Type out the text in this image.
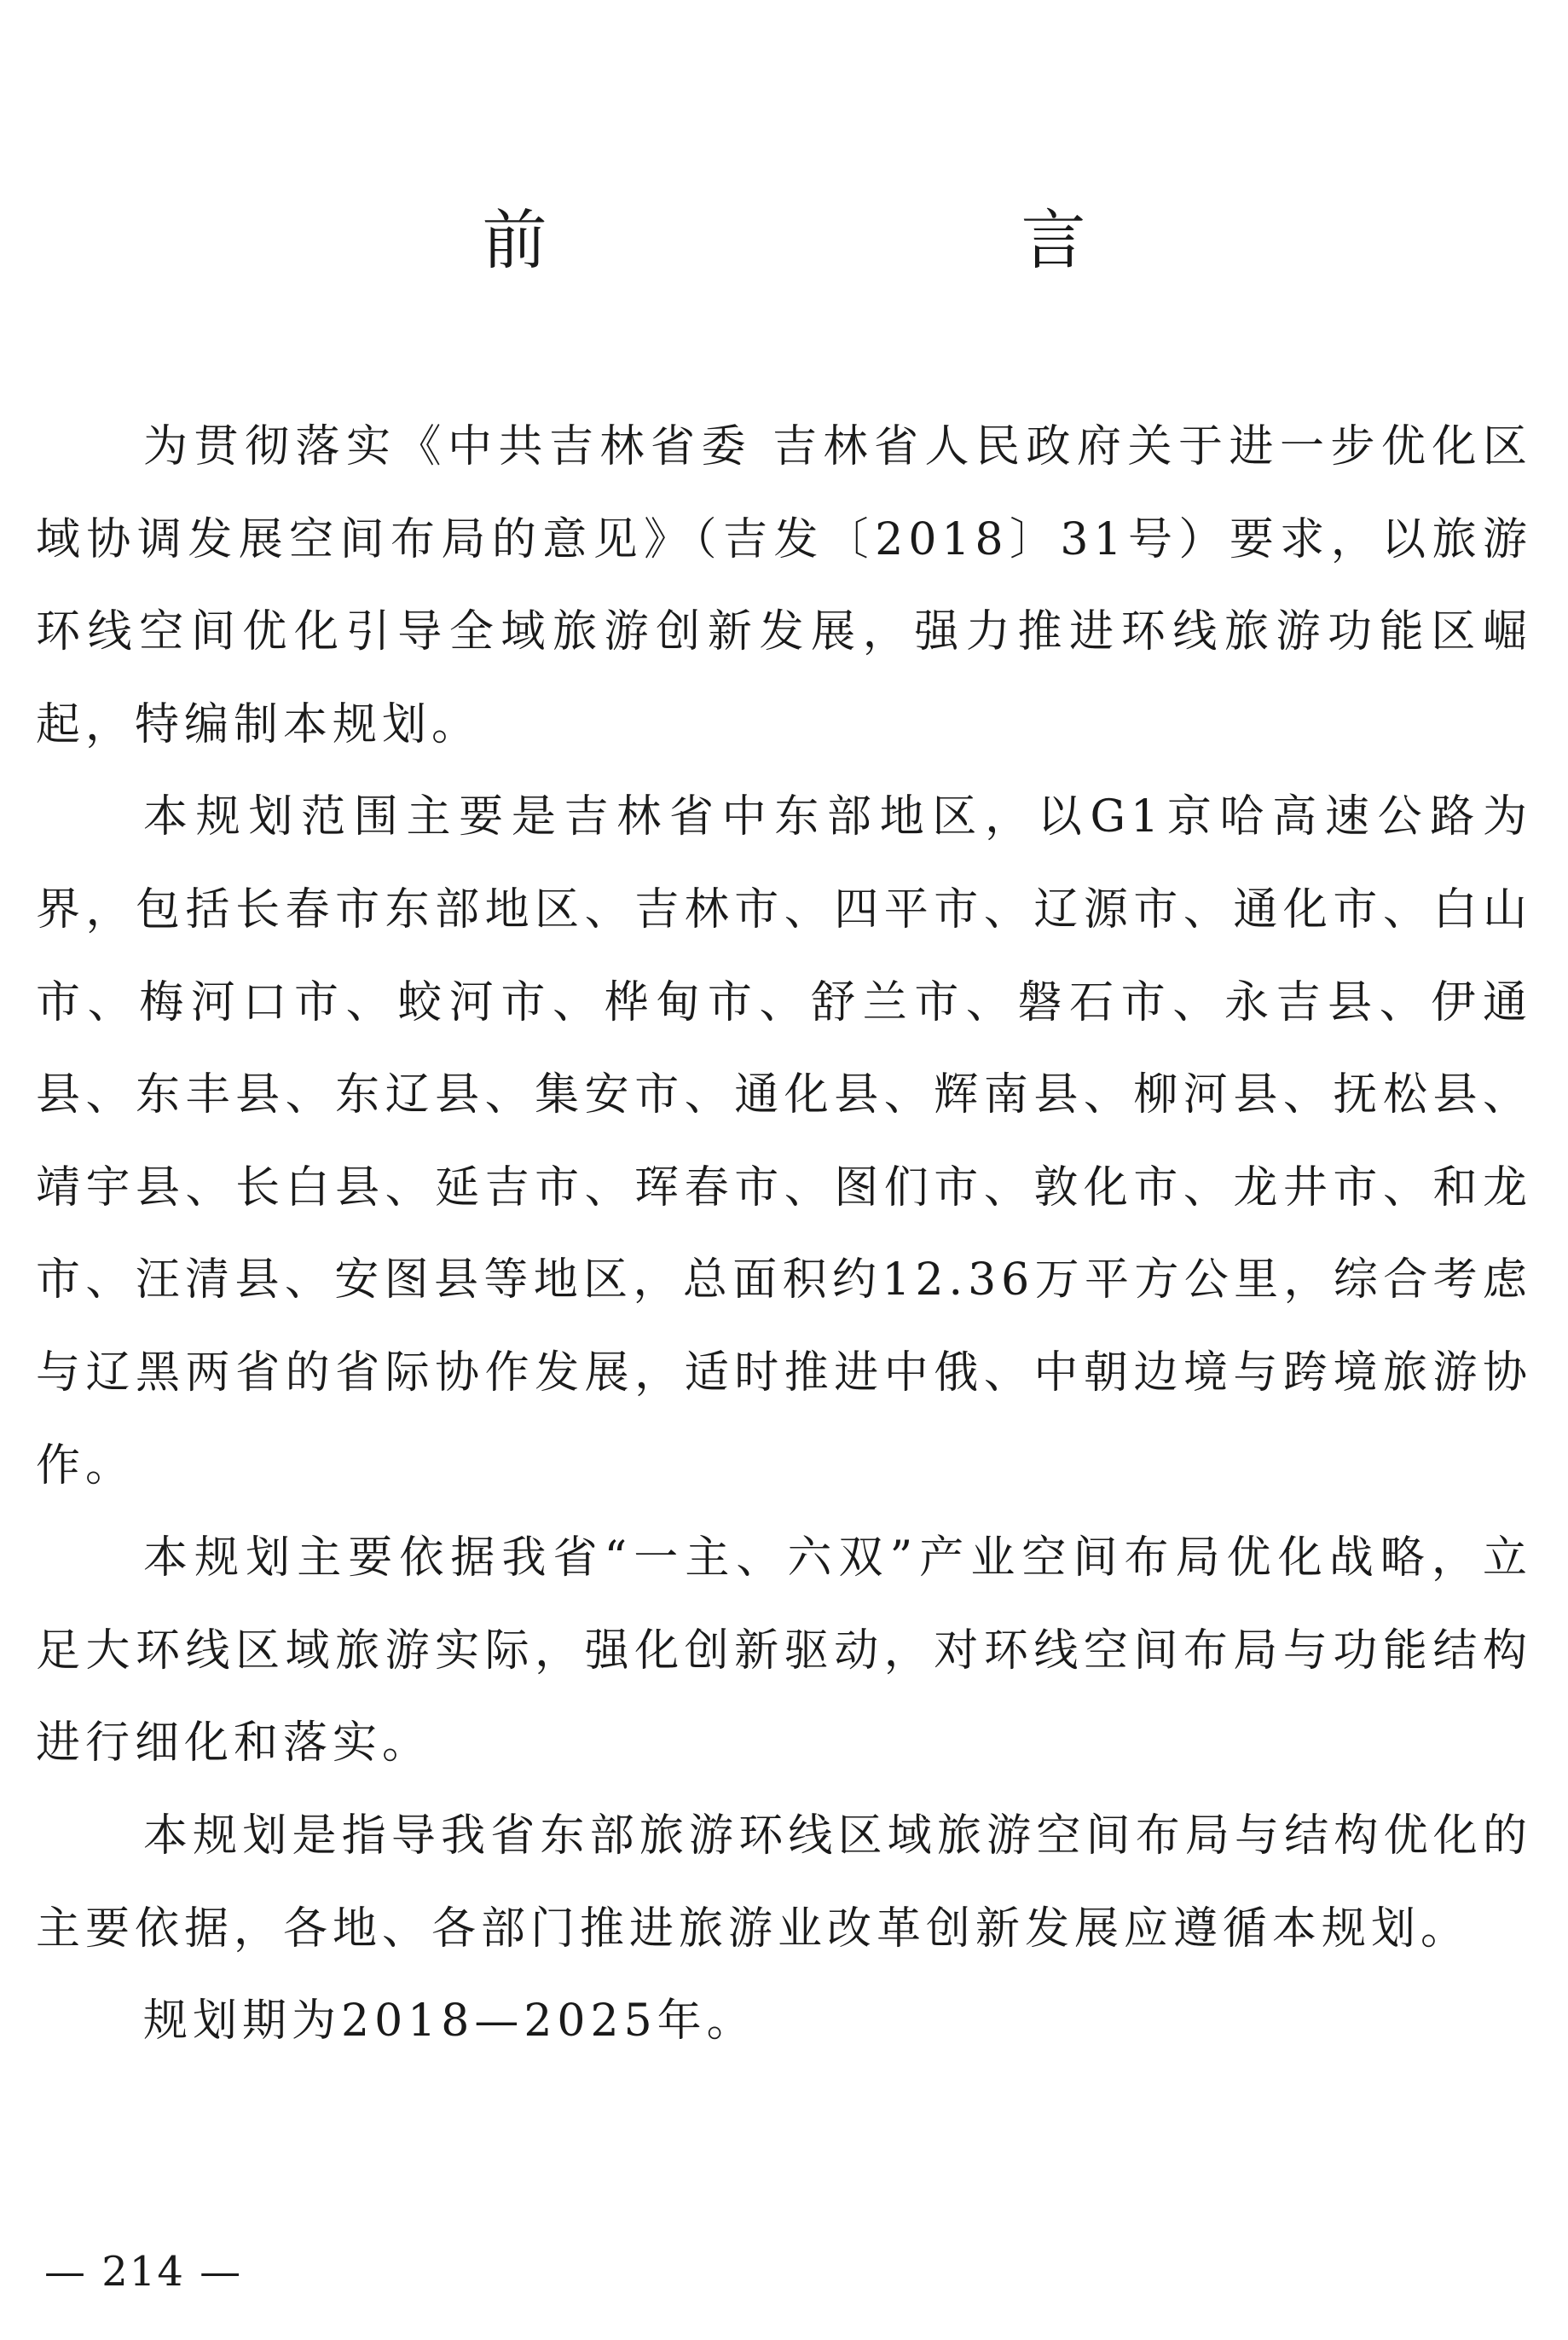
前　言

为贯彻落实《中共吉林省委 吉林省人民政府关于进一步优化区域协调发展空间布局的意见》（吉发〔2018〕31号）要求，以旅游环线空间优化引导全域旅游创新发展，强力推进环线旅游功能区崛起，特编制本规划。

本规划范围主要是吉林省中东部地区，以G1京哈高速公路为界，包括长春市东部地区、吉林市、四平市、辽源市、通化市、白山市、梅河口市、蛟河市、桦甸市、舒兰市、磐石市、永吉县、伊通县、东丰县、东辽县、集安市、通化县、辉南县、柳河县、抚松县、靖宇县、长白县、延吉市、珲春市、图们市、敦化市、龙井市、和龙市、汪清县、安图县等地区，总面积约12.36万平方公里，综合考虑与辽黑两省的省际协作发展，适时推进中俄、中朝边境与跨境旅游协作。

本规划主要依据我省“一主、六双”产业空间布局优化战略，立足大环线区域旅游实际，强化创新驱动，对环线空间布局与功能结构进行细化和落实。

本规划是指导我省东部旅游环线区域旅游空间布局与结构优化的主要依据，各地、各部门推进旅游业改革创新发展应遵循本规划。

规划期为2018—2025年。

— 214 —
